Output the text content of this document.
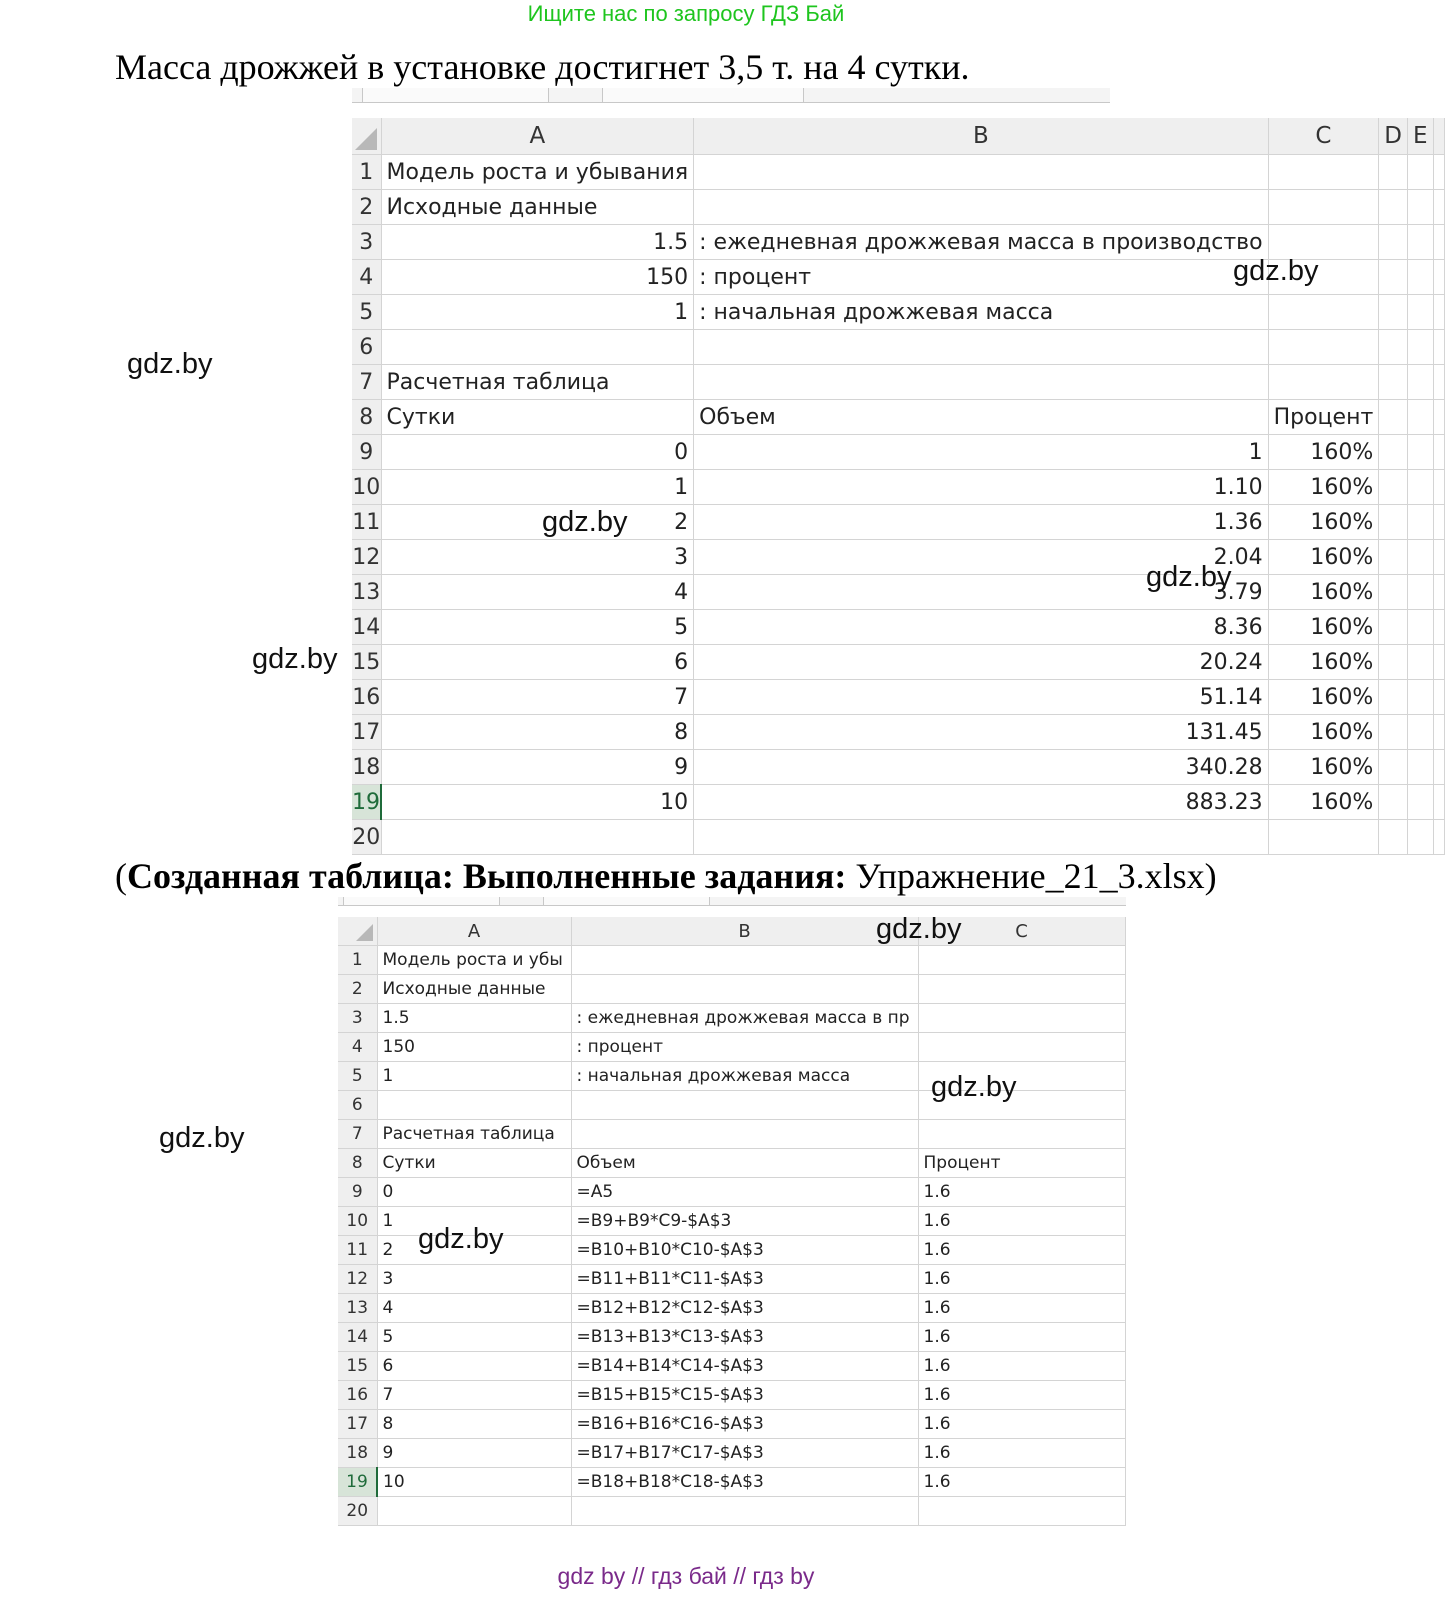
Ищите нас по запросу ГДЗ Бай
Масса дрожжей в установке достигнет 3,5 т. на 4 сутки.
	A	B	C	D	E	
1	Модель роста и убывания					
2	Исходные данные					
3	1.5	: ежедневная дрожжевая масса в производство				
4	150	: процент				
5	1	: начальная дрожжевая масса				
6						
7	Расчетная таблица					
8	Сутки	Объем	Процент			
9	0	1	160%			
10	1	1.10	160%			
11	2	1.36	160%			
12	3	2.04	160%			
13	4	3.79	160%			
14	5	8.36	160%			
15	6	20.24	160%			
16	7	51.14	160%			
17	8	131.45	160%			
18	9	340.28	160%			
19	10	883.23	160%			
20						
(Созданная таблица: Выполненные задания: Упражнение_21_3.xlsx)
	A	B	C
1	Модель роста и убы		
2	Исходные данные		
3	1.5	: ежедневная дрожжевая масса в пр	
4	150	: процент	
5	1	: начальная дрожжевая масса	
6			
7	Расчетная таблица		
8	Сутки	Объем	Процент
9	0	=A5	1.6
10	1	=B9+B9*C9-$A$3	1.6
11	2	=B10+B10*C10-$A$3	1.6
12	3	=B11+B11*C11-$A$3	1.6
13	4	=B12+B12*C12-$A$3	1.6
14	5	=B13+B13*C13-$A$3	1.6
15	6	=B14+B14*C14-$A$3	1.6
16	7	=B15+B15*C15-$A$3	1.6
17	8	=B16+B16*C16-$A$3	1.6
18	9	=B17+B17*C17-$A$3	1.6
19	10	=B18+B18*C18-$A$3	1.6
20			
gdz.by
gdz.by
gdz.by
gdz.by
gdz.by
gdz.by
gdz.by
gdz.by
gdz.by
gdz by // гдз бай // гдз by
